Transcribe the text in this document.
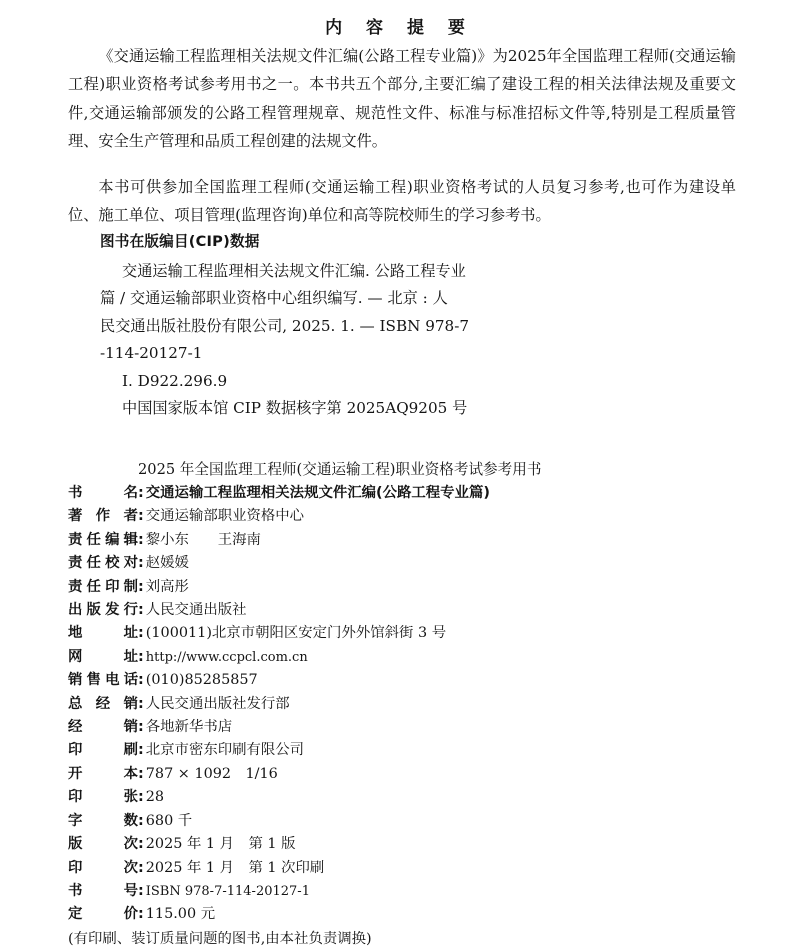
内 容 提 要

《交通运输工程监理相关法规文件汇编(公路工程专业篇)》为2025年全国监理工程师(交通运输工程)职业资格考试参考用书之一。本书共五个部分,主要汇编了建设工程的相关法律法规及重要文件,交通运输部颁发的公路工程管理规章、规范性文件、标准与标准招标文件等,特别是工程质量管理、安全生产管理和品质工程创建的法规文件。

本书可供参加全国监理工程师(交通运输工程)职业资格考试的人员复习参考,也可作为建设单位、施工单位、项目管理(监理咨询)单位和高等院校师生的学习参考书。

图书在版编目(CIP)数据
交通运输工程监理相关法规文件汇编. 公路工程专业
篇 / 交通运输部职业资格中心组织编写. — 北京 : 人
民交通出版社股份有限公司, 2025. 1. — ISBN 978-7
-114-20127-1
Ⅰ. D922.296.9
中国国家版本馆 CIP 数据核字第 2025AQ9205 号
2025 年全国监理工程师(交通运输工程)职业资格考试参考用书
书名 : 交通运输工程监理相关法规文件汇编(公路工程专业篇)
著作者 : 交通运输部职业资格中心
责任编辑 : 黎小东　　王海南
责任校对 : 赵媛媛
责任印制 : 刘高彤
出版发行 : 人民交通出版社
地址 : (100011)北京市朝阳区安定门外外馆斜街 3 号
网址 : http://www.ccpcl.com.cn
销售电话 : (010)85285857
总经销 : 人民交通出版社发行部
经销 : 各地新华书店
印刷 : 北京市密东印刷有限公司
开本 : 787 × 1092　1/16
印张 : 28
字数 : 680 千
版次 : 2025 年 1 月　第 1 版
印次 : 2025 年 1 月　第 1 次印刷
书号 : ISBN 978-7-114-20127-1
定价 : 115.00 元
(有印刷、装订质量问题的图书,由本社负责调换)
